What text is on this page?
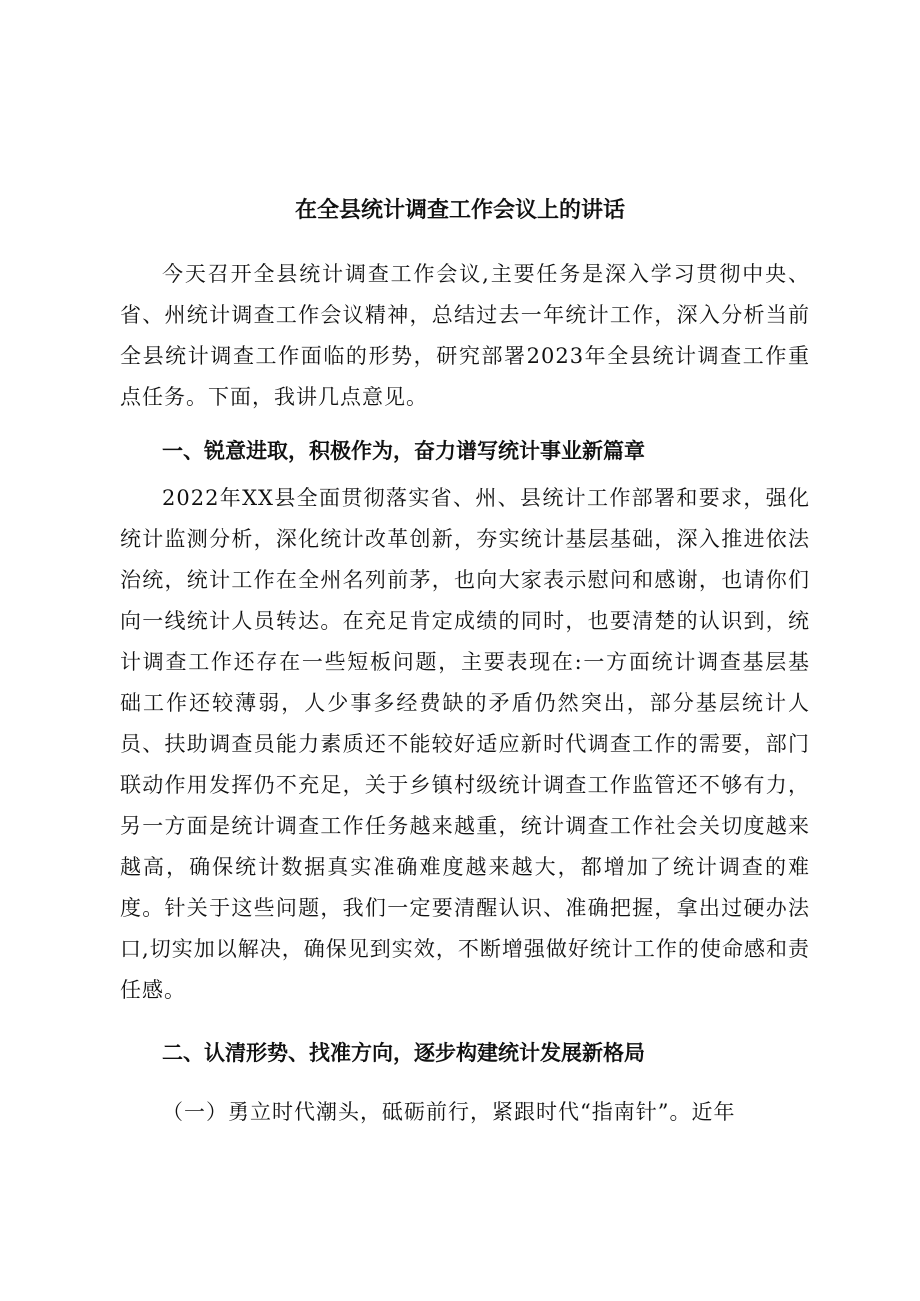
在全县统计调查工作会议上的讲话

今天召开全县统计调查工作会议,主要任务是深入学习贯彻中央、省、州统计调查工作会议精神，总结过去一年统计工作，深入分析当前全县统计调查工作面临的形势，研究部署2023年全县统计调查工作重点任务。下面，我讲几点意见。

一、锐意进取，积极作为，奋力谱写统计事业新篇章

2022年XX县全面贯彻落实省、州、县统计工作部署和要求，强化统计监测分析，深化统计改革创新，夯实统计基层基础，深入推进依法治统，统计工作在全州名列前茅，也向大家表示慰问和感谢，也请你们向一线统计人员转达。在充足肯定成绩的同时，也要清楚的认识到，统计调查工作还存在一些短板问题，主要表现在:一方面统计调查基层基础工作还较薄弱，人少事多经费缺的矛盾仍然突出，部分基层统计人员、扶助调查员能力素质还不能较好适应新时代调查工作的需要，部门联动作用发挥仍不充足，关于乡镇村级统计调查工作监管还不够有力，另一方面是统计调查工作任务越来越重，统计调查工作社会关切度越来越高，确保统计数据真实准确难度越来越大，都增加了统计调查的难度。针关于这些问题，我们一定要清醒认识、准确把握，拿出过硬办法口,切实加以解决，确保见到实效，不断增强做好统计工作的使命感和责任感。

二、认清形势、找准方向，逐步构建统计发展新格局

（一）勇立时代潮头，砥砺前行，紧跟时代“指南针”。近年
